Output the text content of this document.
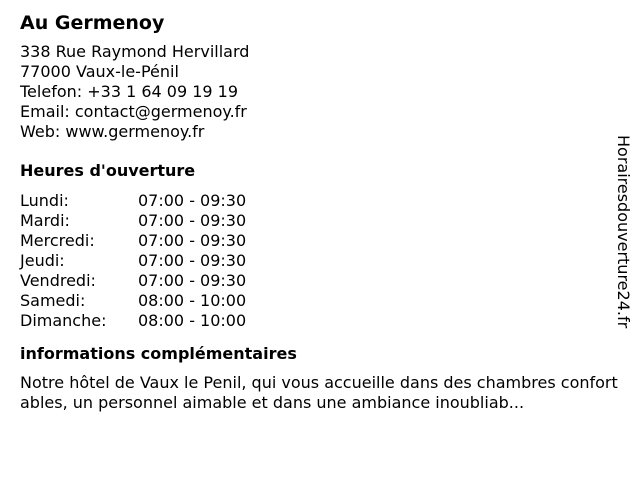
Au Germenoy
338 Rue Raymond Hervillard
77000 Vaux-le-Pénil
Telefon: +33 1 64 09 19 19
Email: contact@germenoy.fr
Web: www.germenoy.fr
Heures d'ouverture
Lundi:	07:00 - 09:30
Mardi:	07:00 - 09:30
Mercredi:	07:00 - 09:30
Jeudi:	07:00 - 09:30
Vendredi:	07:00 - 09:30
Samedi:	08:00 - 10:00
Dimanche:	08:00 - 10:00
informations complémentaires
Notre hôtel de Vaux le Penil, qui vous accueille dans des chambres confortables, un personnel aimable et dans une ambiance inoubliab...
Horairesdouverture24.fr
